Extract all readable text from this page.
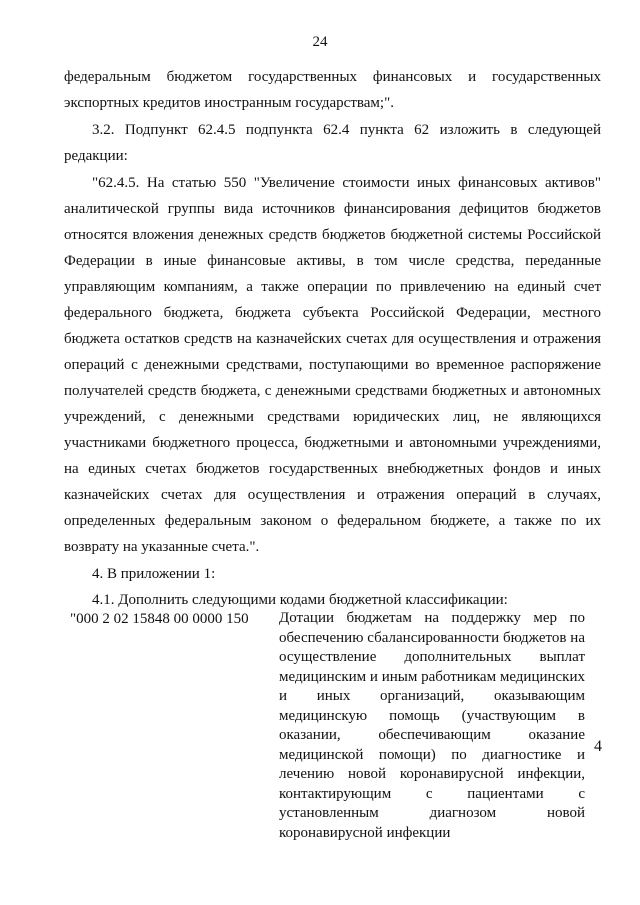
24
федеральным бюджетом государственных финансовых и государственных экспортных кредитов иностранным государствам;".
3.2. Подпункт 62.4.5 подпункта 62.4 пункта 62 изложить в следующей редакции:
"62.4.5. На статью 550 "Увеличение стоимости иных финансовых активов" аналитической группы вида источников финансирования дефицитов бюджетов относятся вложения денежных средств бюджетов бюджетной системы Российской Федерации в иные финансовые активы, в том числе средства, переданные управляющим компаниям, а также операции по привлечению на единый счет федерального бюджета, бюджета субъекта Российской Федерации, местного бюджета остатков средств на казначейских счетах для осуществления и отражения операций с денежными средствами, поступающими во временное распоряжение получателей средств бюджета, с денежными средствами бюджетных и автономных учреждений, с денежными средствами юридических лиц, не являющихся участниками бюджетного процесса, бюджетными и автономными учреждениями, на единых счетах бюджетов государственных внебюджетных фондов и иных казначейских счетах для осуществления и отражения операций в случаях, определенных федеральным законом о федеральном бюджете, а также по их возврату на указанные счета.".
4. В приложении 1:
4.1. Дополнить следующими кодами бюджетной классификации:
"000 2 02 15848 00 0000 150 Дотации бюджетам на поддержку мер по обеспечению сбалансированности бюджетов на осуществление дополнительных выплат медицинским и иным работникам медицинских и иных организаций, оказывающим медицинскую помощь (участвующим в оказании, обеспечивающим оказание медицинской помощи) по диагностике и лечению новой коронавирусной инфекции, контактирующим с пациентами с установленным диагнозом новой коронавирусной инфекции
4
